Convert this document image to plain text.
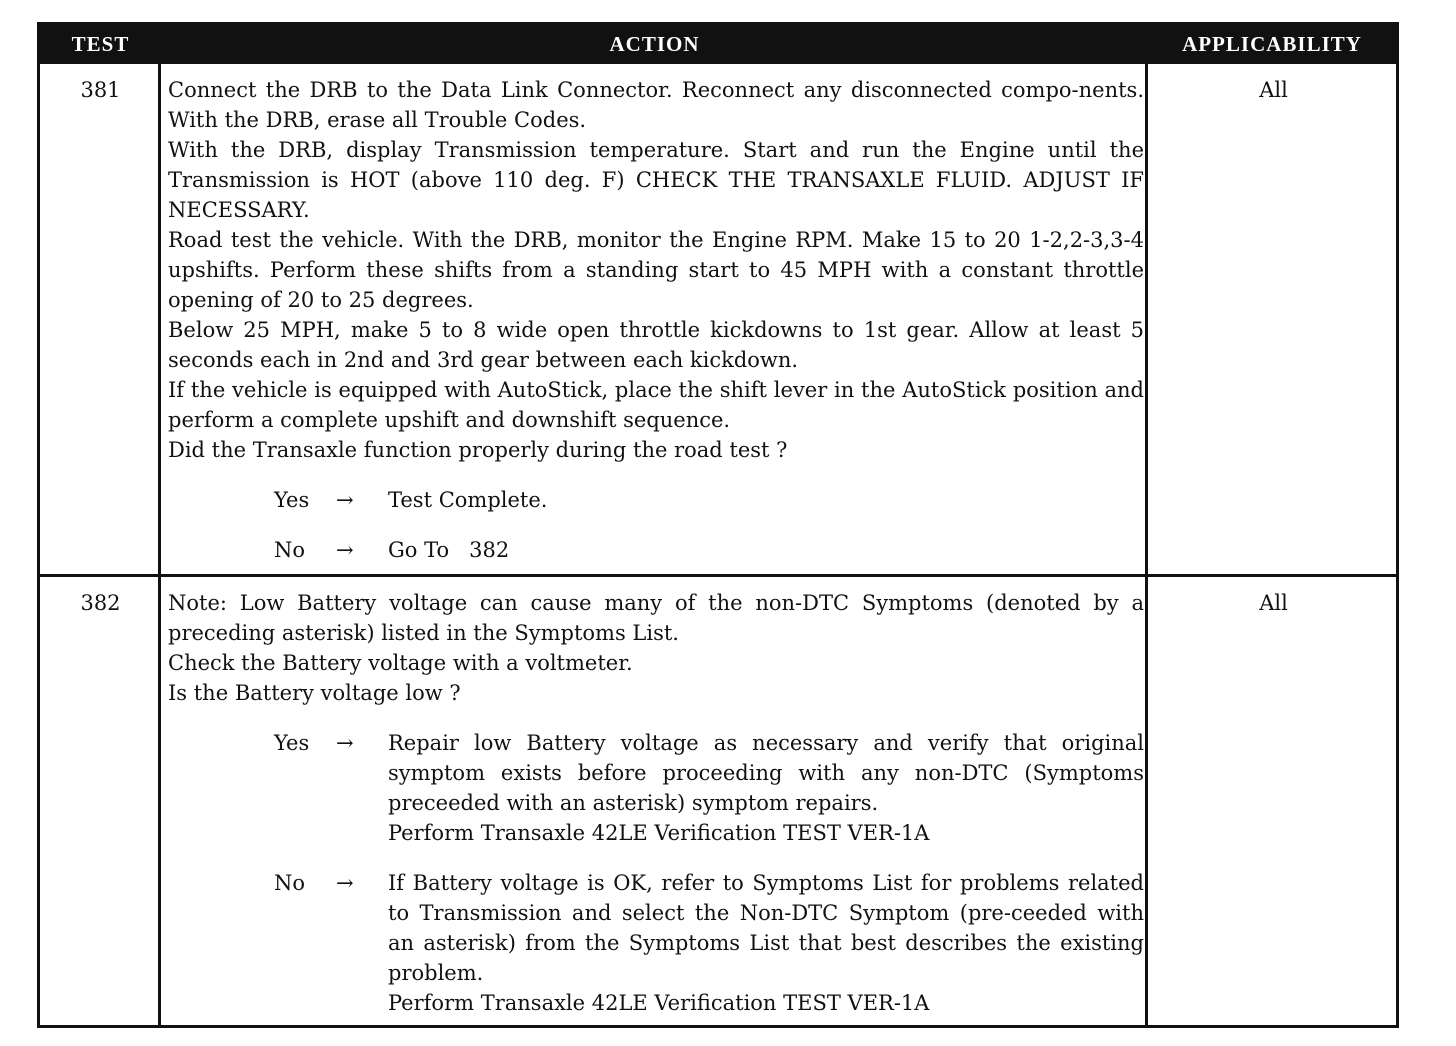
TEST	ACTION	APPLICABILITY
381	Connect the DRB to the Data Link Connector. Reconnect any disconnected compo-nents. With the DRB, erase all Trouble Codes.

With the DRB, display Transmission temperature. Start and run the Engine until the Transmission is HOT (above 110 deg. F) CHECK THE TRANSAXLE FLUID. ADJUST IF NECESSARY.

Road test the vehicle. With the DRB, monitor the Engine RPM. Make 15 to 20 1-2,2-3,3-4 upshifts. Perform these shifts from a standing start to 45 MPH with a constant throttle opening of 20 to 25 degrees.

Below 25 MPH, make 5 to 8 wide open throttle kickdowns to 1st gear. Allow at least 5 seconds each in 2nd and 3rd gear between each kickdown.

If the vehicle is equipped with AutoStick, place the shift lever in the AutoStick position and perform a complete upshift and downshift sequence.

Did the Transaxle function properly during the road test ?

Yes	→	Test Complete.
No	→	Go To   382
All
382	Note: Low Battery voltage can cause many of the non-DTC Symptoms (denoted by a preceding asterisk) listed in the Symptoms List.

Check the Battery voltage with a voltmeter.

Is the Battery voltage low ?

Yes	→	Repair low Battery voltage as necessary and verify that original symptom exists before proceeding with any non-DTC (Symptoms preceeded with an asterisk) symptom repairs.
Perform Transaxle 42LE Verification TEST VER-1A
No	→	If Battery voltage is OK, refer to Symptoms List for problems related to Transmission and select the Non-DTC Symptom (pre-ceeded with an asterisk) from the Symptoms List that best describes the existing problem.
Perform Transaxle 42LE Verification TEST VER-1A
All
